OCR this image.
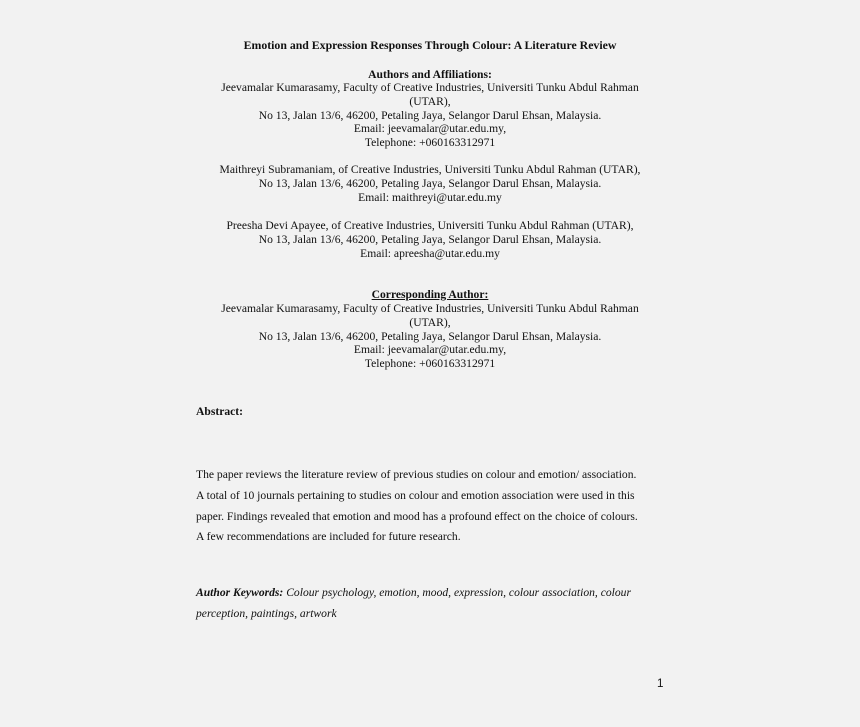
Emotion and Expression Responses Through Colour: A Literature Review
Authors and Affiliations:
Jeevamalar Kumarasamy, Faculty of Creative Industries, Universiti Tunku Abdul Rahman
(UTAR),
No 13, Jalan 13/6, 46200, Petaling Jaya, Selangor Darul Ehsan, Malaysia.
Email: jeevamalar@utar.edu.my,
Telephone: +060163312971
Maithreyi Subramaniam, of Creative Industries, Universiti Tunku Abdul Rahman (UTAR),
No 13, Jalan 13/6, 46200, Petaling Jaya, Selangor Darul Ehsan, Malaysia.
Email: maithreyi@utar.edu.my
Preesha Devi Apayee, of Creative Industries, Universiti Tunku Abdul Rahman (UTAR),
No 13, Jalan 13/6, 46200, Petaling Jaya, Selangor Darul Ehsan, Malaysia.
Email: apreesha@utar.edu.my
Corresponding Author:
Jeevamalar Kumarasamy, Faculty of Creative Industries, Universiti Tunku Abdul Rahman
(UTAR),
No 13, Jalan 13/6, 46200, Petaling Jaya, Selangor Darul Ehsan, Malaysia.
Email: jeevamalar@utar.edu.my,
Telephone: +060163312971
Abstract:
The paper reviews the literature review of previous studies on colour and emotion/ association.
A total of 10 journals pertaining to studies on colour and emotion association were used in this
paper. Findings revealed that emotion and mood has a profound effect on the choice of colours.
A few recommendations are included for future research.
Author Keywords: Colour psychology, emotion, mood, expression, colour association, colour
perception, paintings, artwork
1
